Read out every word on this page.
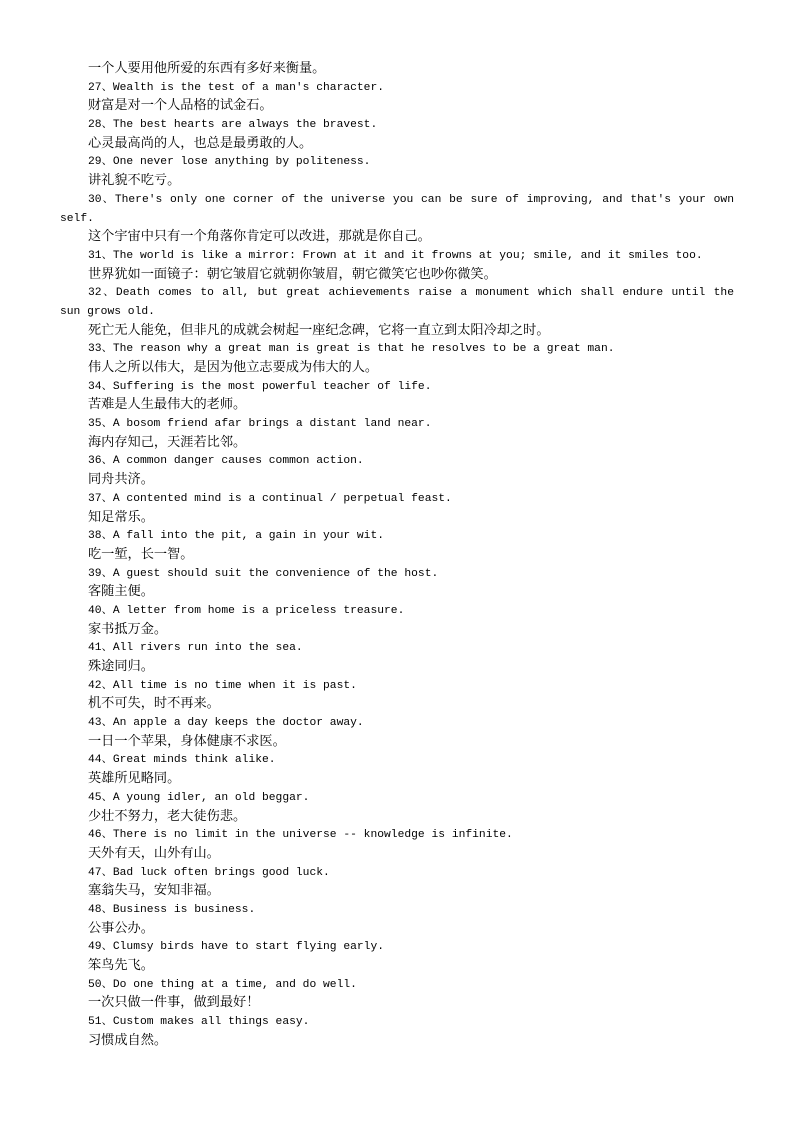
一个人要用他所爱的东西有多好来衡量。
27、Wealth is the test of a man's character.
财富是对一个人品格的试金石。
28、The best hearts are always the bravest.
心灵最高尚的人，也总是最勇敢的人。
29、One never lose anything by politeness.
讲礼貌不吃亏。
30、There's only one corner of the universe you can be sure of improving, and that's your own self.
这个宇宙中只有一个角落你肯定可以改进，那就是你自己。
31、The world is like a mirror: Frown at it and it frowns at you; smile, and it smiles too.
世界犹如一面镜子：朝它皱眉它就朝你皱眉，朝它微笑它也吵你微笑。
32、Death comes to all, but great achievements raise a monument which shall endure until the sun grows old.
死亡无人能免，但非凡的成就会树起一座纪念碑，它将一直立到太阳冷却之时。
33、The reason why a great man is great is that he resolves to be a great man.
伟人之所以伟大，是因为他立志要成为伟大的人。
34、Suffering is the most powerful teacher of life.
苦难是人生最伟大的老师。
35、A bosom friend afar brings a distant land near.
海内存知己，天涯若比邻。
36、A common danger causes common action.
同舟共济。
37、A contented mind is a continual / perpetual feast.
知足常乐。
38、A fall into the pit, a gain in your wit.
吃一堑，长一智。
39、A guest should suit the convenience of the host.
客随主便。
40、A letter from home is a priceless treasure.
家书抵万金。
41、All rivers run into the sea.
殊途同归。
42、All time is no time when it is past.
机不可失，时不再来。
43、An apple a day keeps the doctor away.
一日一个苹果，身体健康不求医。
44、Great minds think alike.
英雄所见略同。
45、A young idler, an old beggar.
少壮不努力，老大徒伤悲。
46、There is no limit in the universe -- knowledge is infinite.
天外有天，山外有山。
47、Bad luck often brings good luck.
塞翁失马，安知非福。
48、Business is business.
公事公办。
49、Clumsy birds have to start flying early.
笨鸟先飞。
50、Do one thing at a time, and do well.
一次只做一件事，做到最好！
51、Custom makes all things easy.
习惯成自然。
